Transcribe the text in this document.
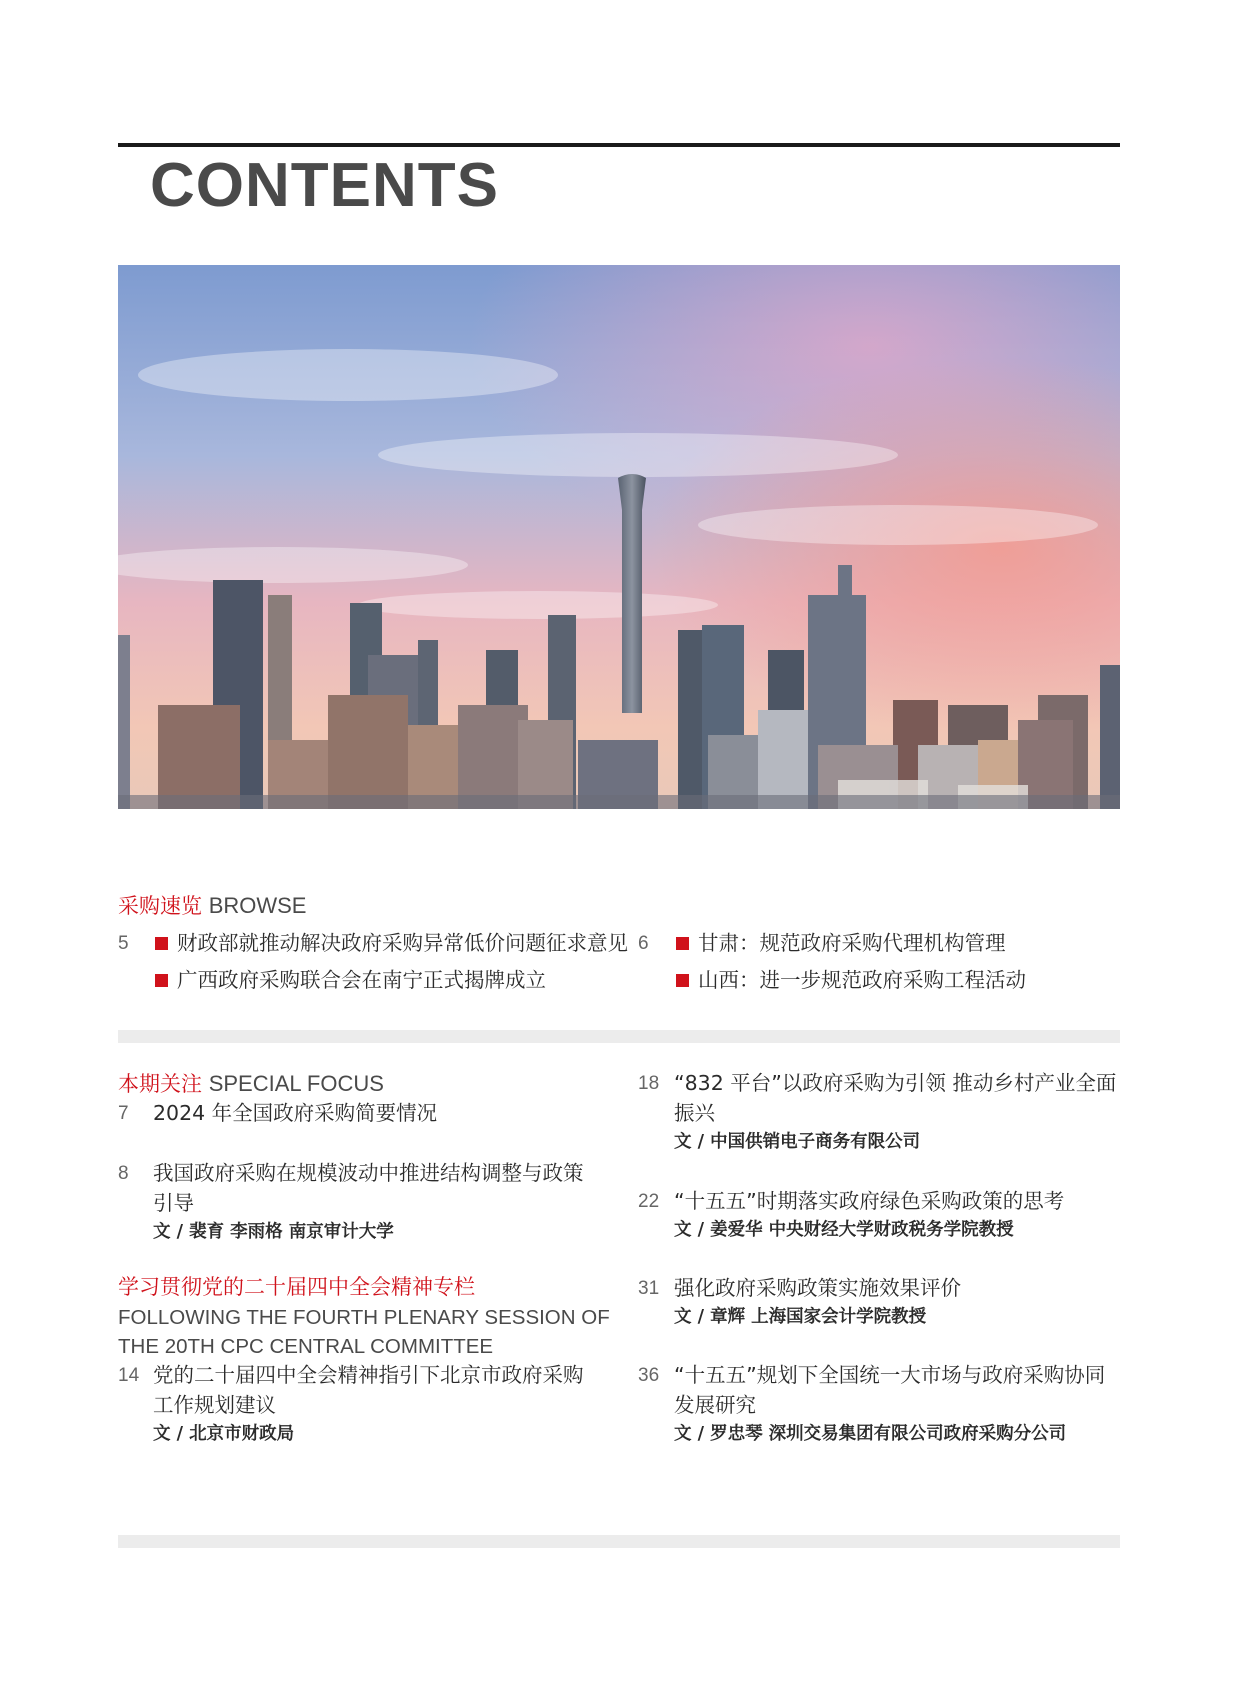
CONTENTS
采购速览 BROWSE
5	财政部就推动解决政府采购异常低价问题征求意见
广西政府采购联合会在南宁正式揭牌成立
6	甘肃：规范政府采购代理机构管理
山西：进一步规范政府采购工程活动
本期关注 SPECIAL FOCUS
7 2024 年全国政府采购简要情况
8 我国政府采购在规模波动中推进结构调整与政策
引导
文 / 裴育 李雨格 南京审计大学
学习贯彻党的二十届四中全会精神专栏
FOLLOWING THE FOURTH PLENARY SESSION OF
THE 20TH CPC CENTRAL COMMITTEE
14 党的二十届四中全会精神指引下北京市政府采购
工作规划建议
文 / 北京市财政局
18 “832 平台”以政府采购为引领 推动乡村产业全面
振兴
文 / 中国供销电子商务有限公司
22 “十五五”时期落实政府绿色采购政策的思考
文 / 姜爱华 中央财经大学财政税务学院教授
31 强化政府采购政策实施效果评价
文 / 章辉 上海国家会计学院教授
36 “十五五”规划下全国统一大市场与政府采购协同
发展研究
文 / 罗忠琴 深圳交易集团有限公司政府采购分公司
